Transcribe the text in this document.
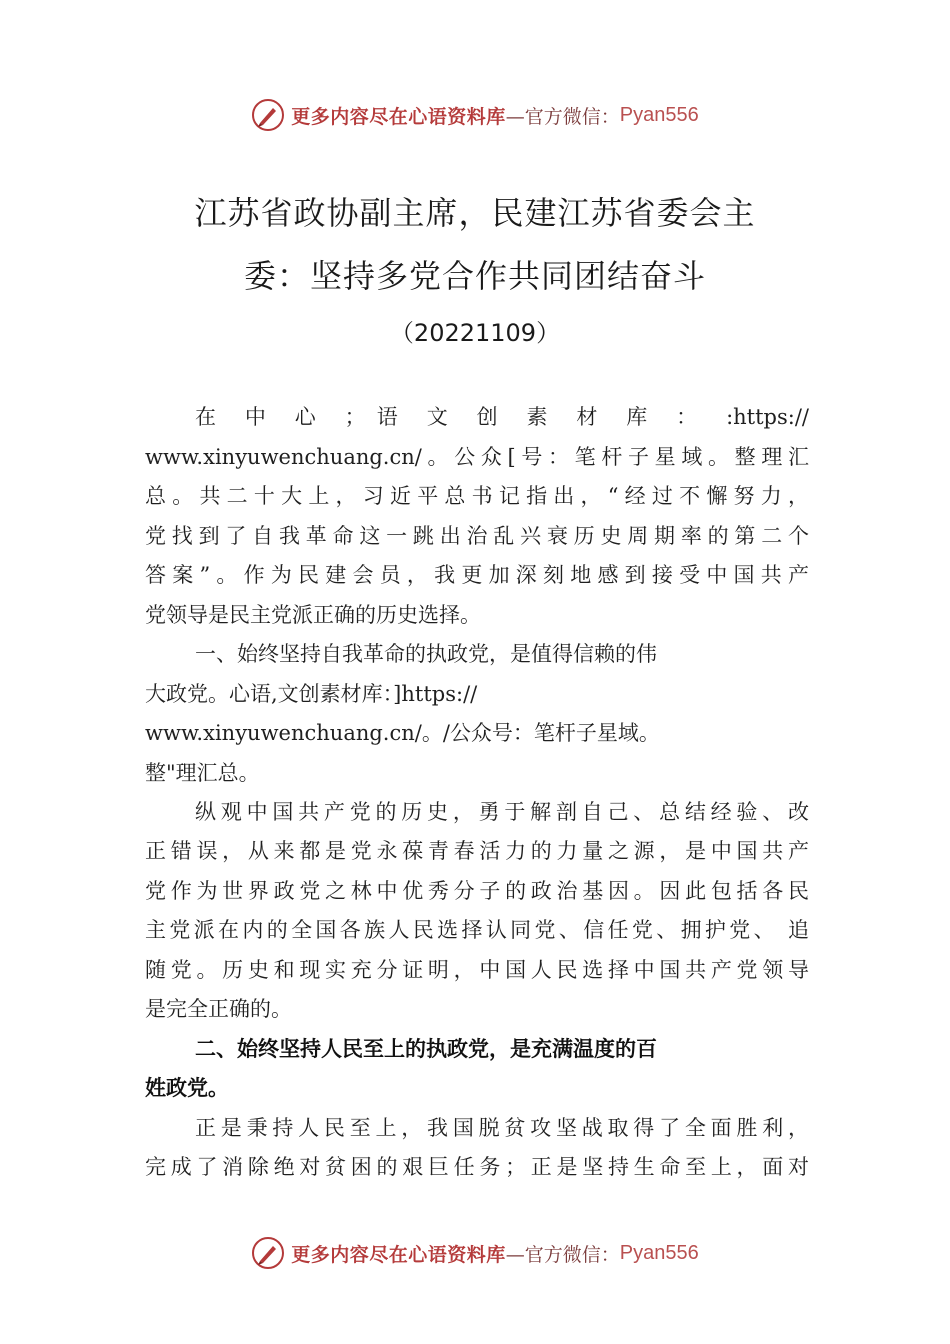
更多内容尽在心语资料库 —官方微信： Pyan556
江苏省政协副主席，民建江苏省委会主
委：坚持多党合作共同团结奋斗
（20221109）
在 中 心 ；语 文 创 素 材 库 ： :https://
www.xinyuwenchuang.cn/。公众[号：笔杆子星域。整理汇
总。共二十大上，习近平总书记指出，“经过不懈努力，
党找到了自我革命这一跳出治乱兴衰历史周期率的第二个
答案”。作为民建会员，我更加深刻地感到接受中国共产
党领导是民主党派正确的历史选择。
一、始终坚持自我革命的执政党，是值得信赖的伟
大政党。心语,文创素材库：]https://
www.xinyuwenchuang.cn/。/公众号：笔杆子星域。
整"理汇总。
纵观中国共产党的历史，勇于解剖自己、总结经验、改
正错误，从来都是党永葆青春活力的力量之源，是中国共产
党作为世界政党之林中优秀分子的政治基因。因此包括各民
主党派在内的全国各族人民选择认同党、信任党、拥护党、 追
随党。历史和现实充分证明，中国人民选择中国共产党领导
是完全正确的。
二、始终坚持人民至上的执政党，是充满温度的百
姓政党。
正是秉持人民至上，我国脱贫攻坚战取得了全面胜利，
完成了消除绝对贫困的艰巨任务；正是坚持生命至上，面对
更多内容尽在心语资料库 —官方微信： Pyan556
